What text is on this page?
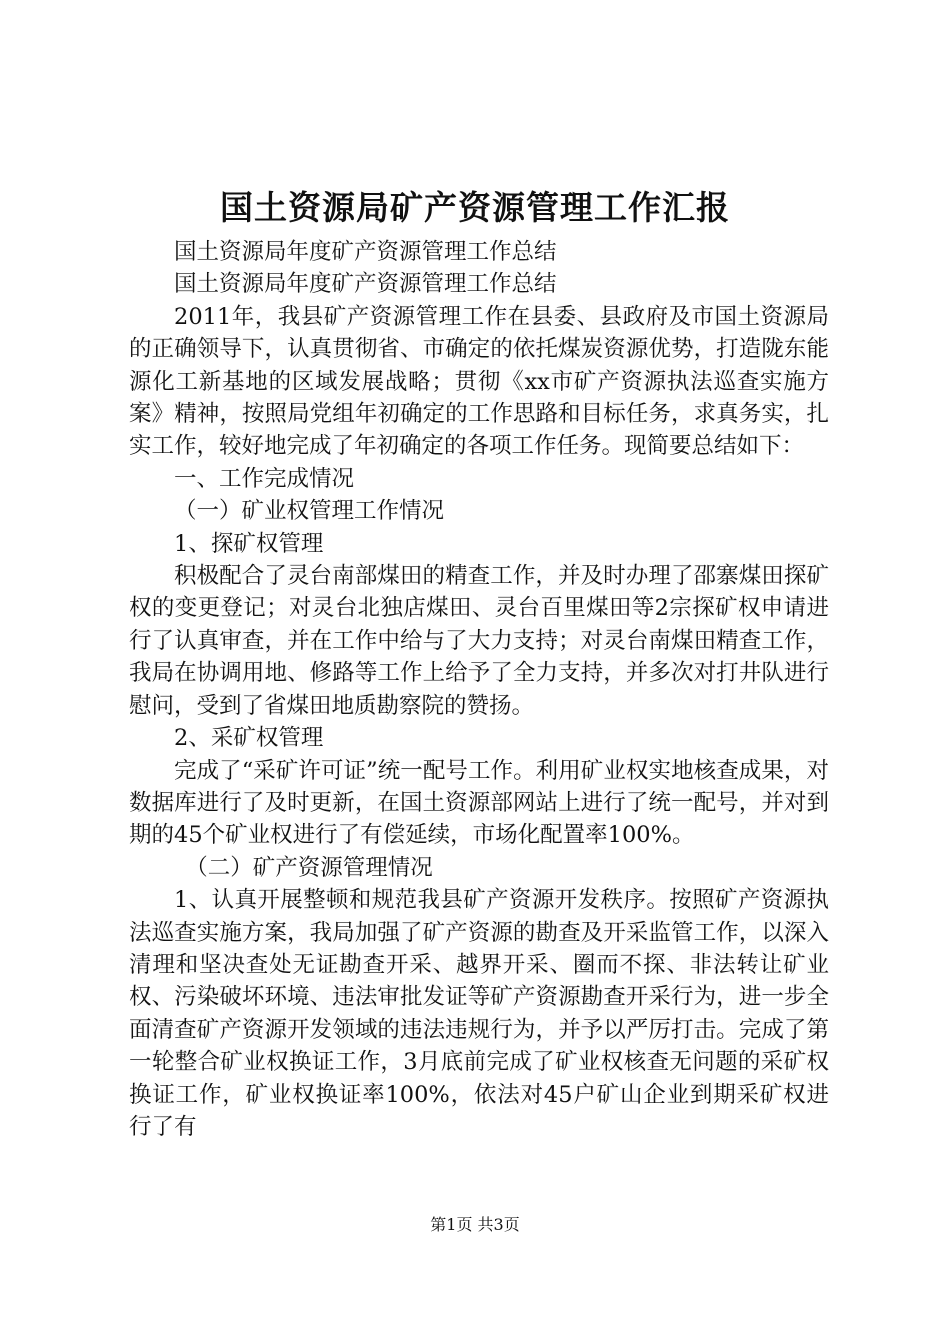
国土资源局矿产资源管理工作汇报

国土资源局年度矿产资源管理工作总结

国土资源局年度矿产资源管理工作总结

2011年，我县矿产资源管理工作在县委、县政府及市国土资源局的正确领导下，认真贯彻省、市确定的依托煤炭资源优势，打造陇东能源化工新基地的区域发展战略；贯彻《xx市矿产资源执法巡查实施方案》精神，按照局党组年初确定的工作思路和目标任务，求真务实，扎实工作，较好地完成了年初确定的各项工作任务。现简要总结如下：

一、工作完成情况

（一）矿业权管理工作情况

1、探矿权管理

积极配合了灵台南部煤田的精查工作，并及时办理了邵寨煤田探矿权的变更登记；对灵台北独店煤田、灵台百里煤田等2宗探矿权申请进行了认真审查，并在工作中给与了大力支持；对灵台南煤田精查工作，我局在协调用地、修路等工作上给予了全力支持，并多次对打井队进行慰问，受到了省煤田地质勘察院的赞扬。

2、采矿权管理

完成了“采矿许可证”统一配号工作。利用矿业权实地核查成果，对数据库进行了及时更新，在国土资源部网站上进行了统一配号，并对到期的45个矿业权进行了有偿延续，市场化配置率100%。

（二）矿产资源管理情况

1、认真开展整顿和规范我县矿产资源开发秩序。按照矿产资源执法巡查实施方案，我局加强了矿产资源的勘查及开采监管工作，以深入清理和坚决查处无证勘查开采、越界开采、圈而不探、非法转让矿业权、污染破坏环境、违法审批发证等矿产资源勘查开采行为，进一步全面清查矿产资源开发领域的违法违规行为，并予以严厉打击。完成了第一轮整合矿业权换证工作，3月底前完成了矿业权核查无问题的采矿权换证工作，矿业权换证率100%，依法对45户矿山企业到期采矿权进行了有

第1页 共3页
